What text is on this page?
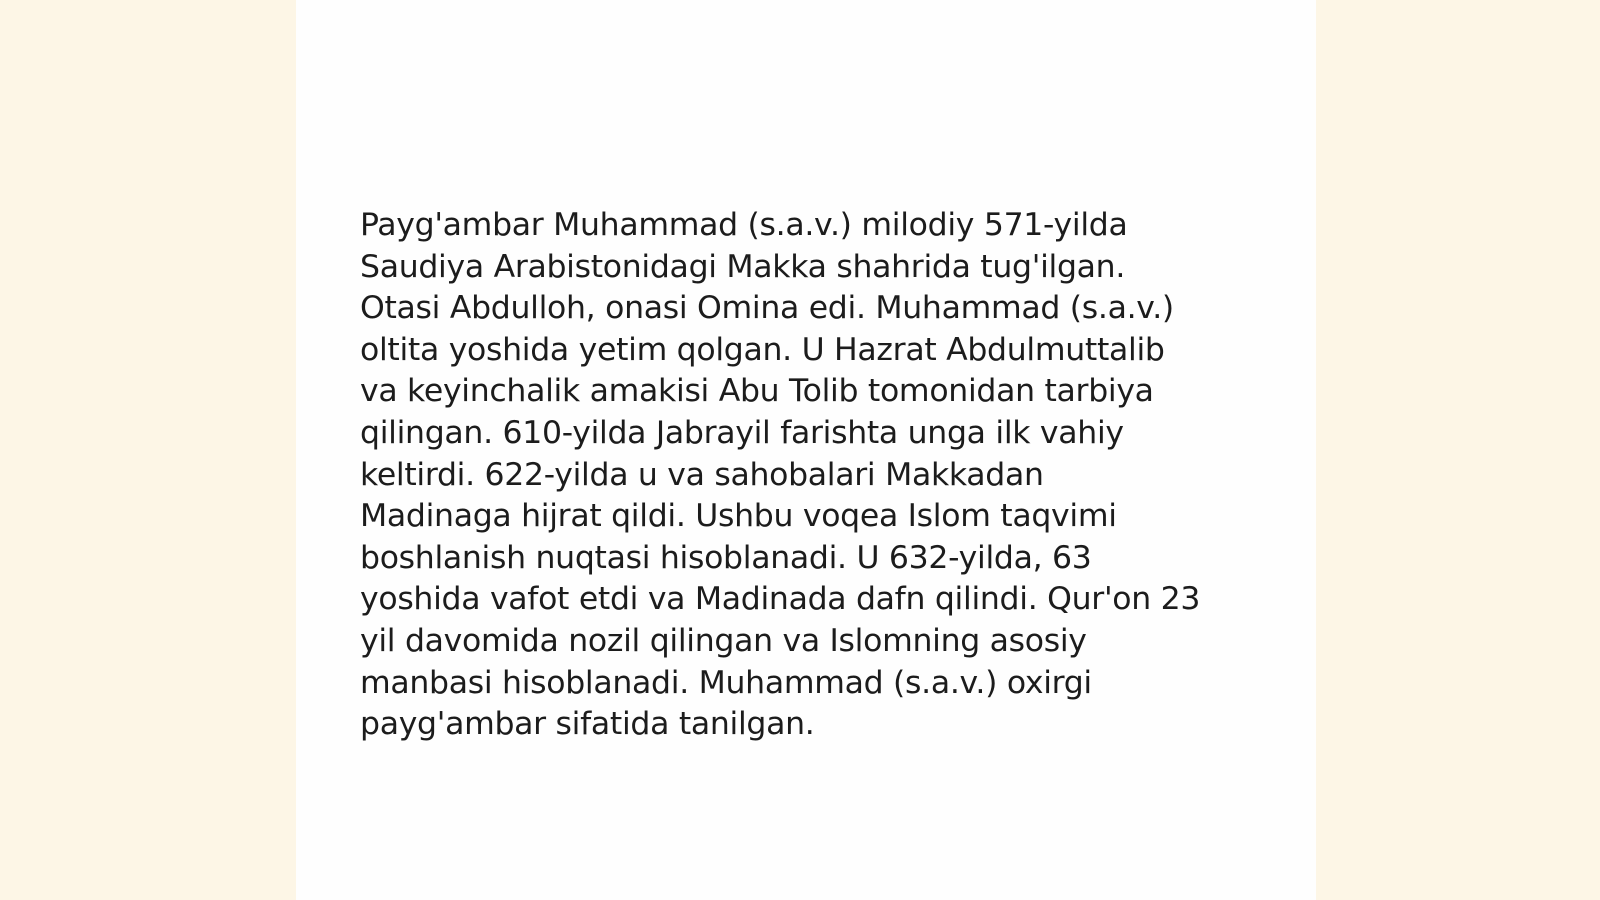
Payg'ambar Muhammad (s.a.v.) milodiy 571-yilda
Saudiya Arabistonidagi Makka shahrida tug'ilgan.
Otasi Abdulloh, onasi Omina edi. Muhammad (s.a.v.)
oltita yoshida yetim qolgan. U Hazrat Abdulmuttalib
va keyinchalik amakisi Abu Tolib tomonidan tarbiya
qilingan. 610-yilda Jabrayil farishta unga ilk vahiy
keltirdi. 622-yilda u va sahobalari Makkadan
Madinaga hijrat qildi. Ushbu voqea Islom taqvimi
boshlanish nuqtasi hisoblanadi. U 632-yilda, 63
yoshida vafot etdi va Madinada dafn qilindi. Qur'on 23
yil davomida nozil qilingan va Islomning asosiy
manbasi hisoblanadi. Muhammad (s.a.v.) oxirgi
payg'ambar sifatida tanilgan.
